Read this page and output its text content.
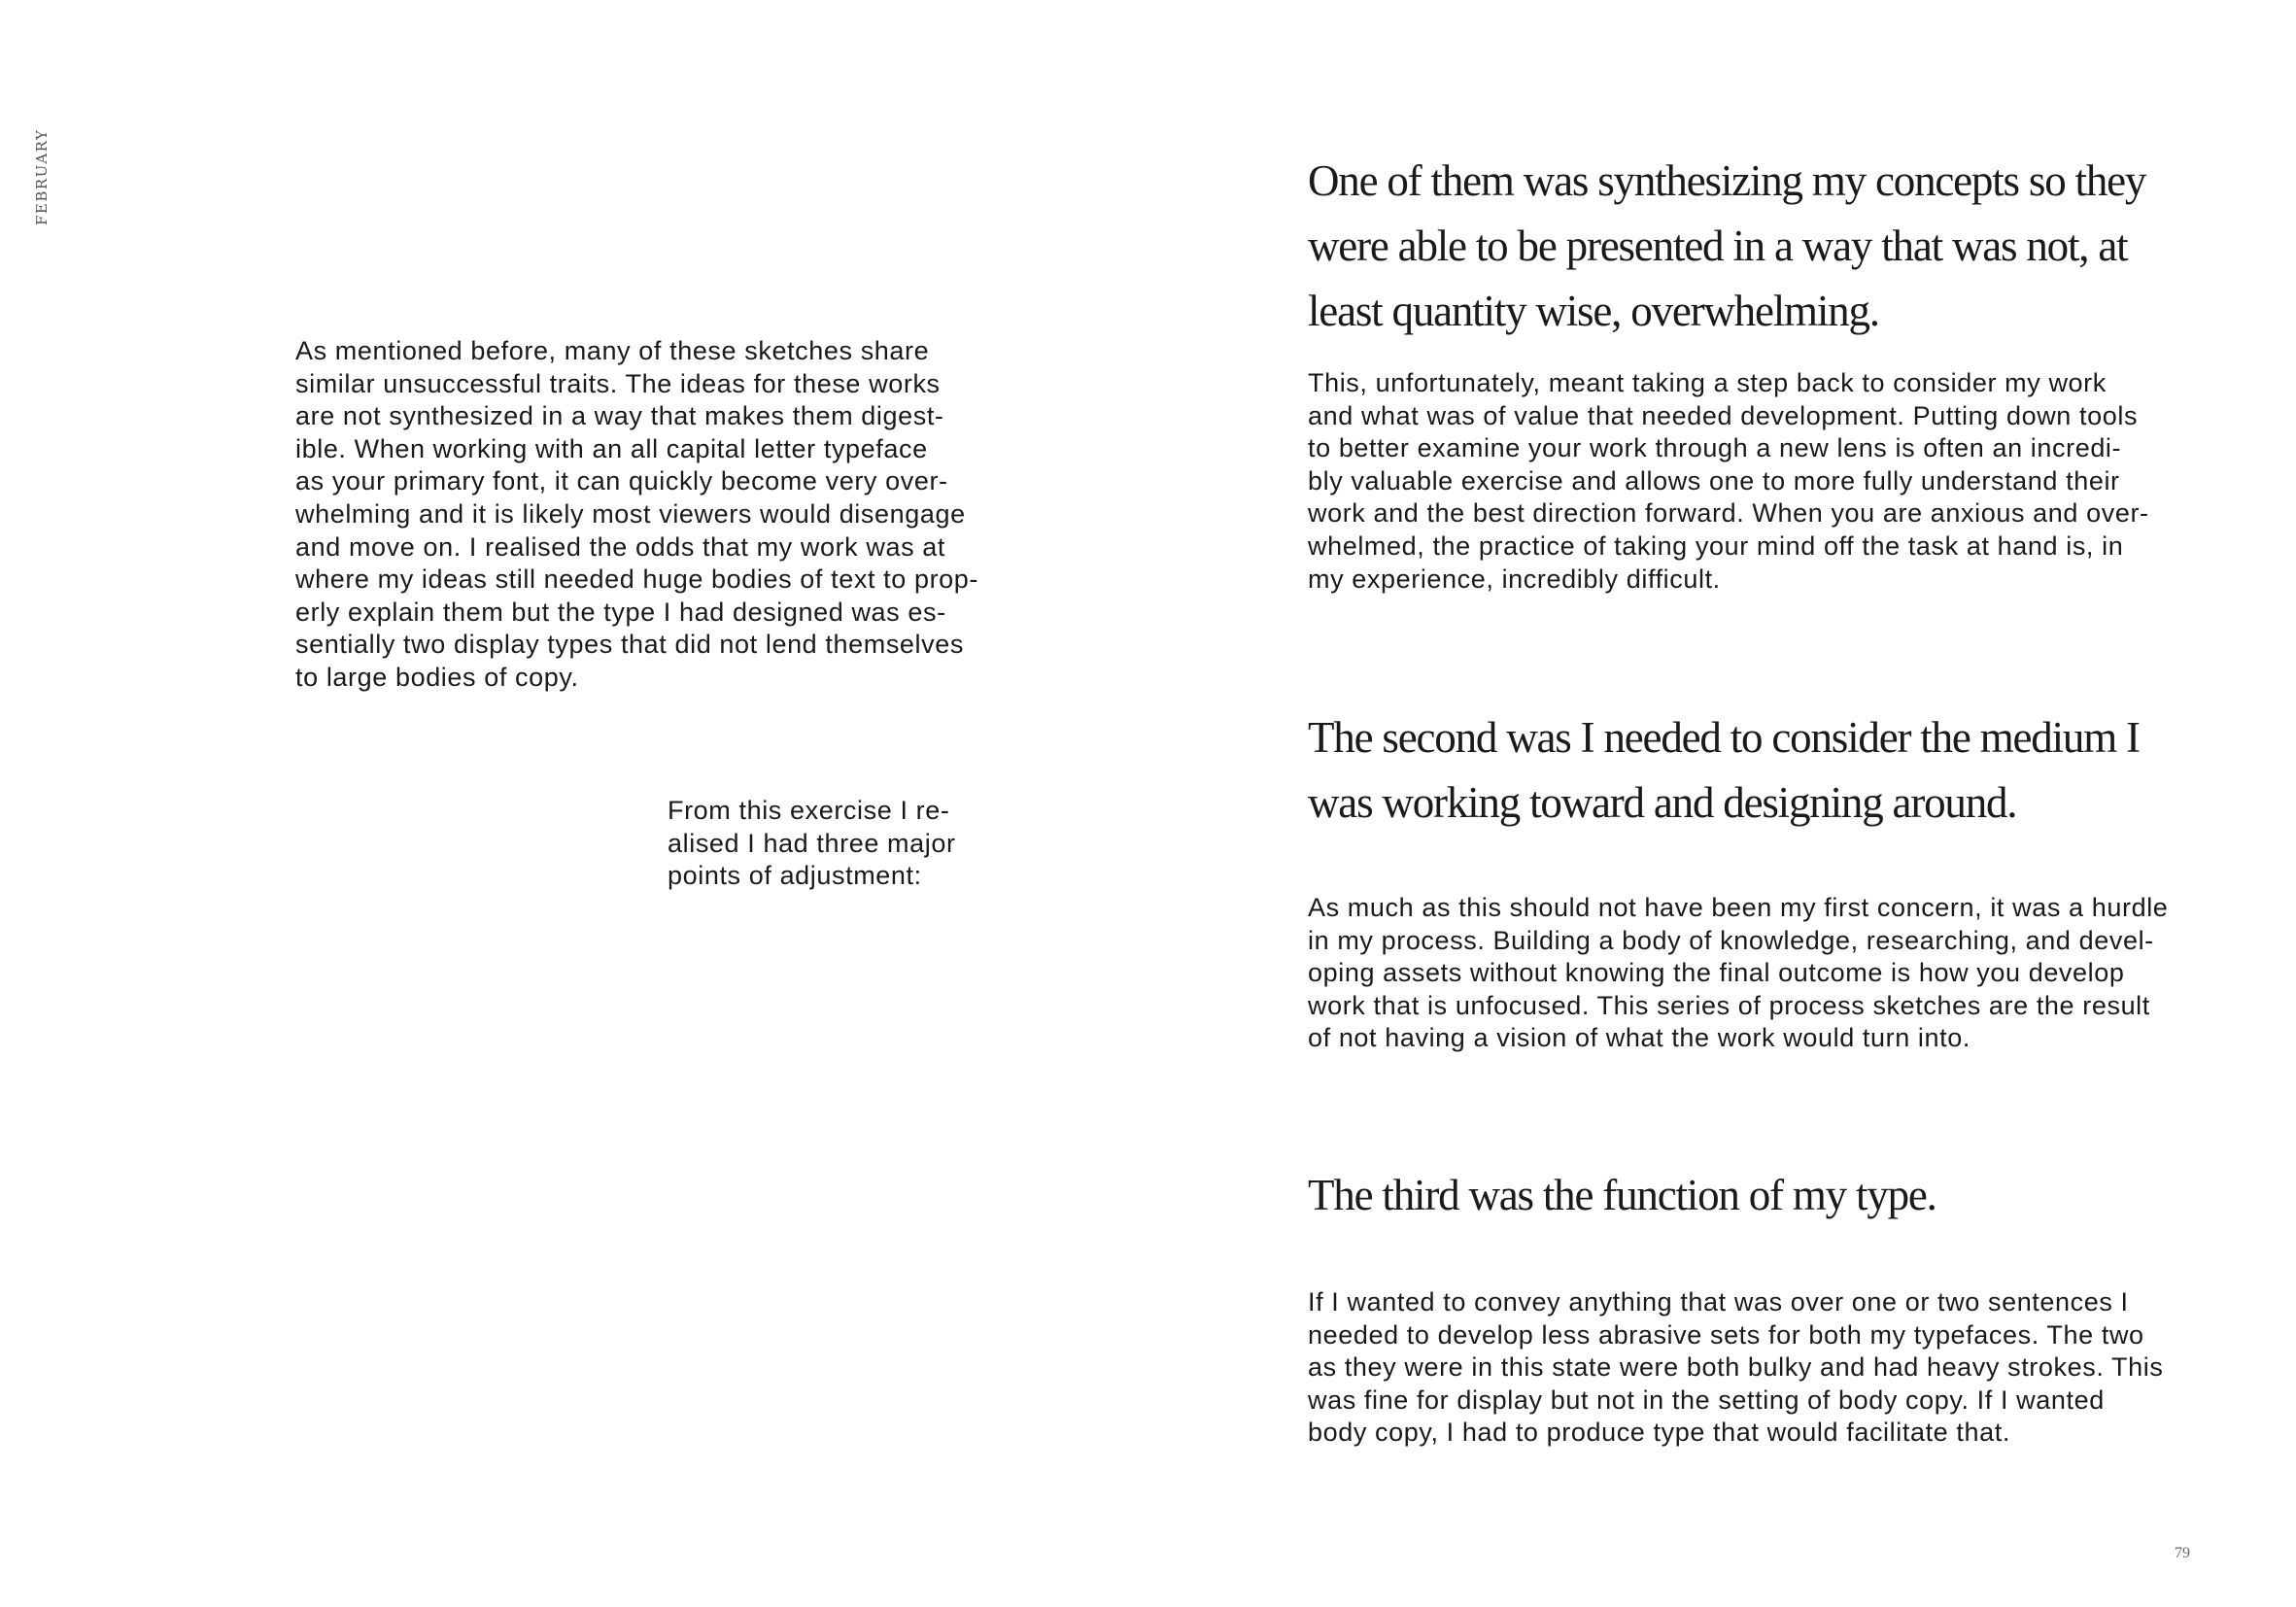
FEBRUARY

As mentioned before, many of these sketches share
similar unsuccessful traits. The ideas for these works
are not synthesized in a way that makes them digest-
ible. When working with an all capital letter typeface
as your primary font, it can quickly become very over-
whelming and it is likely most viewers would disengage
and move on. I realised the odds that my work was at
where my ideas still needed huge bodies of text to prop-
erly explain them but the type I had designed was es-
sentially two display types that did not lend themselves
to large bodies of copy.

From this exercise I re-
alised I had three major
points of adjustment:

One of them was synthesizing my concepts so they
were able to be presented in a way that was not, at
least quantity wise, overwhelming.

This, unfortunately, meant taking a step back to consider my work
and what was of value that needed development. Putting down tools
to better examine your work through a new lens is often an incredi-
bly valuable exercise and allows one to more fully understand their
work and the best direction forward. When you are anxious and over-
whelmed, the practice of taking your mind off the task at hand is, in
my experience, incredibly difficult.

The second was I needed to consider the medium I
was working toward and designing around.

As much as this should not have been my first concern, it was a hurdle
in my process. Building a body of knowledge, researching, and devel-
oping assets without knowing the final outcome is how you develop
work that is unfocused. This series of process sketches are the result
of not having a vision of what the work would turn into.

The third was the function of my type.

If I wanted to convey anything that was over one or two sentences I
needed to develop less abrasive sets for both my typefaces. The two
as they were in this state were both bulky and had heavy strokes. This
was fine for display but not in the setting of body copy. If I wanted
body copy, I had to produce type that would facilitate that.

79
